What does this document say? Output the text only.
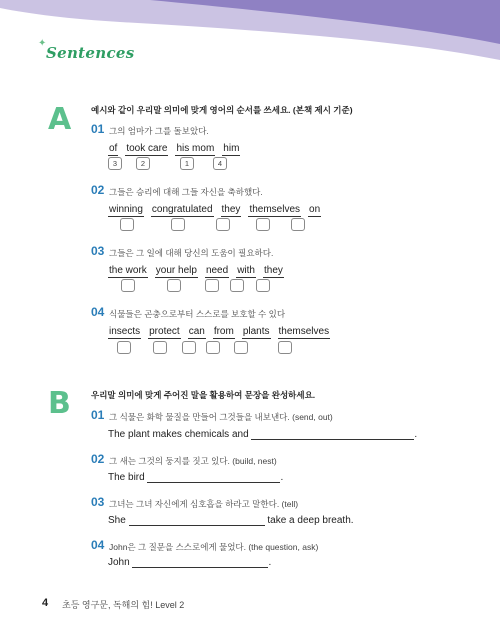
✦
Sentences
A 예시와 같이 우리말 의미에 맞게 영어의 순서를 쓰세요. (본책 제시 기준)
01 그의 엄마가 그를 돌보았다.
of took care his mom him
3	2	1	4
02 그들은 승리에 대해 그들 자신을 축하했다.
winning congratulated they themselves on
03 그들은 그 일에 대해 당신의 도움이 필요하다.
the work your help need with they
04 식물들은 곤충으로부터 스스로를 보호할 수 있다
insects protect can from plants themselves
B 우리말 의미에 맞게 주어진 말을 활용하여 문장을 완성하세요.
01 그 식물은 화학 물질을 만들어 그것들을 내보낸다. (send, out)
The plant makes chemicals and	.
02 그 새는 그것의 둥지를 짓고 있다. (build, nest)
The bird	.
03 그녀는 그녀 자신에게 심호흡을 하라고 말한다. (tell)
She	take a deep breath.
04 John은 그 질문을 스스로에게 물었다. (the question, ask)
John	.
4 초등 영구문, 독해의 힘! Level 2
